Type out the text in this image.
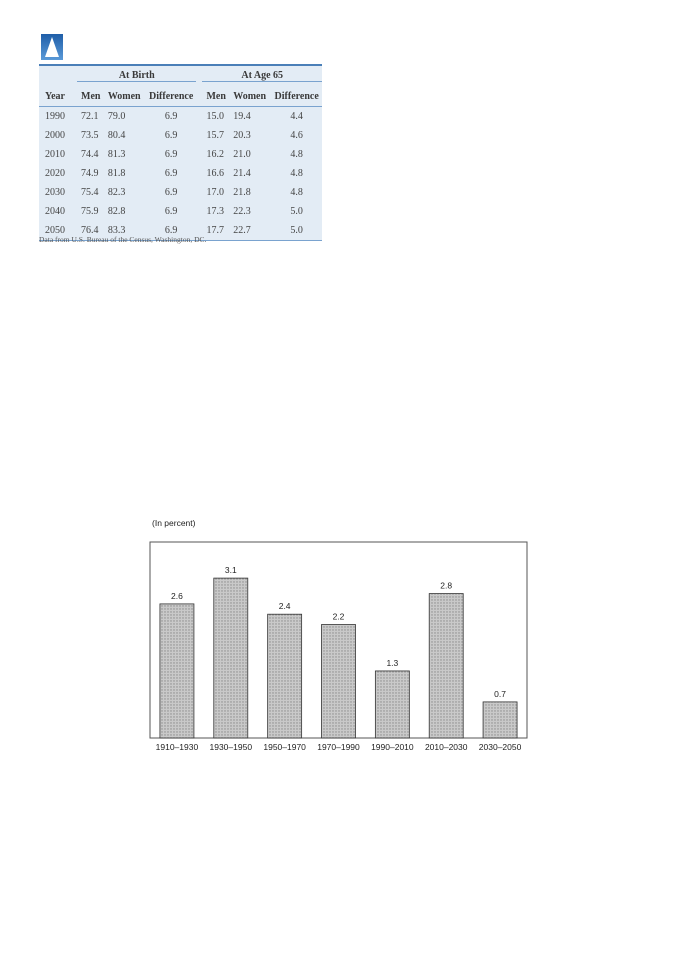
	At Birth				At Age 65		

Year	Men	Women	Difference		Men	Women	Difference
1990	72.1	79.0	6.9		15.0	19.4	4.4
2000	73.5	80.4	6.9		15.7	20.3	4.6
2010	74.4	81.3	6.9		16.2	21.0	4.8
2020	74.9	81.8	6.9		16.6	21.4	4.8
2030	75.4	82.3	6.9		17.0	21.8	4.8
2040	75.9	82.8	6.9		17.3	22.3	5.0
2050	76.4	83.3	6.9		17.7	22.7	5.0
Data from U.S. Bureau of the Census, Washington, DC.
(In percent)
2.6
1910–1930
3.1
1930–1950
2.4
1950–1970
2.2
1970–1990
1.3
1990–2010
2.8
2010–2030
0.7
2030–2050
